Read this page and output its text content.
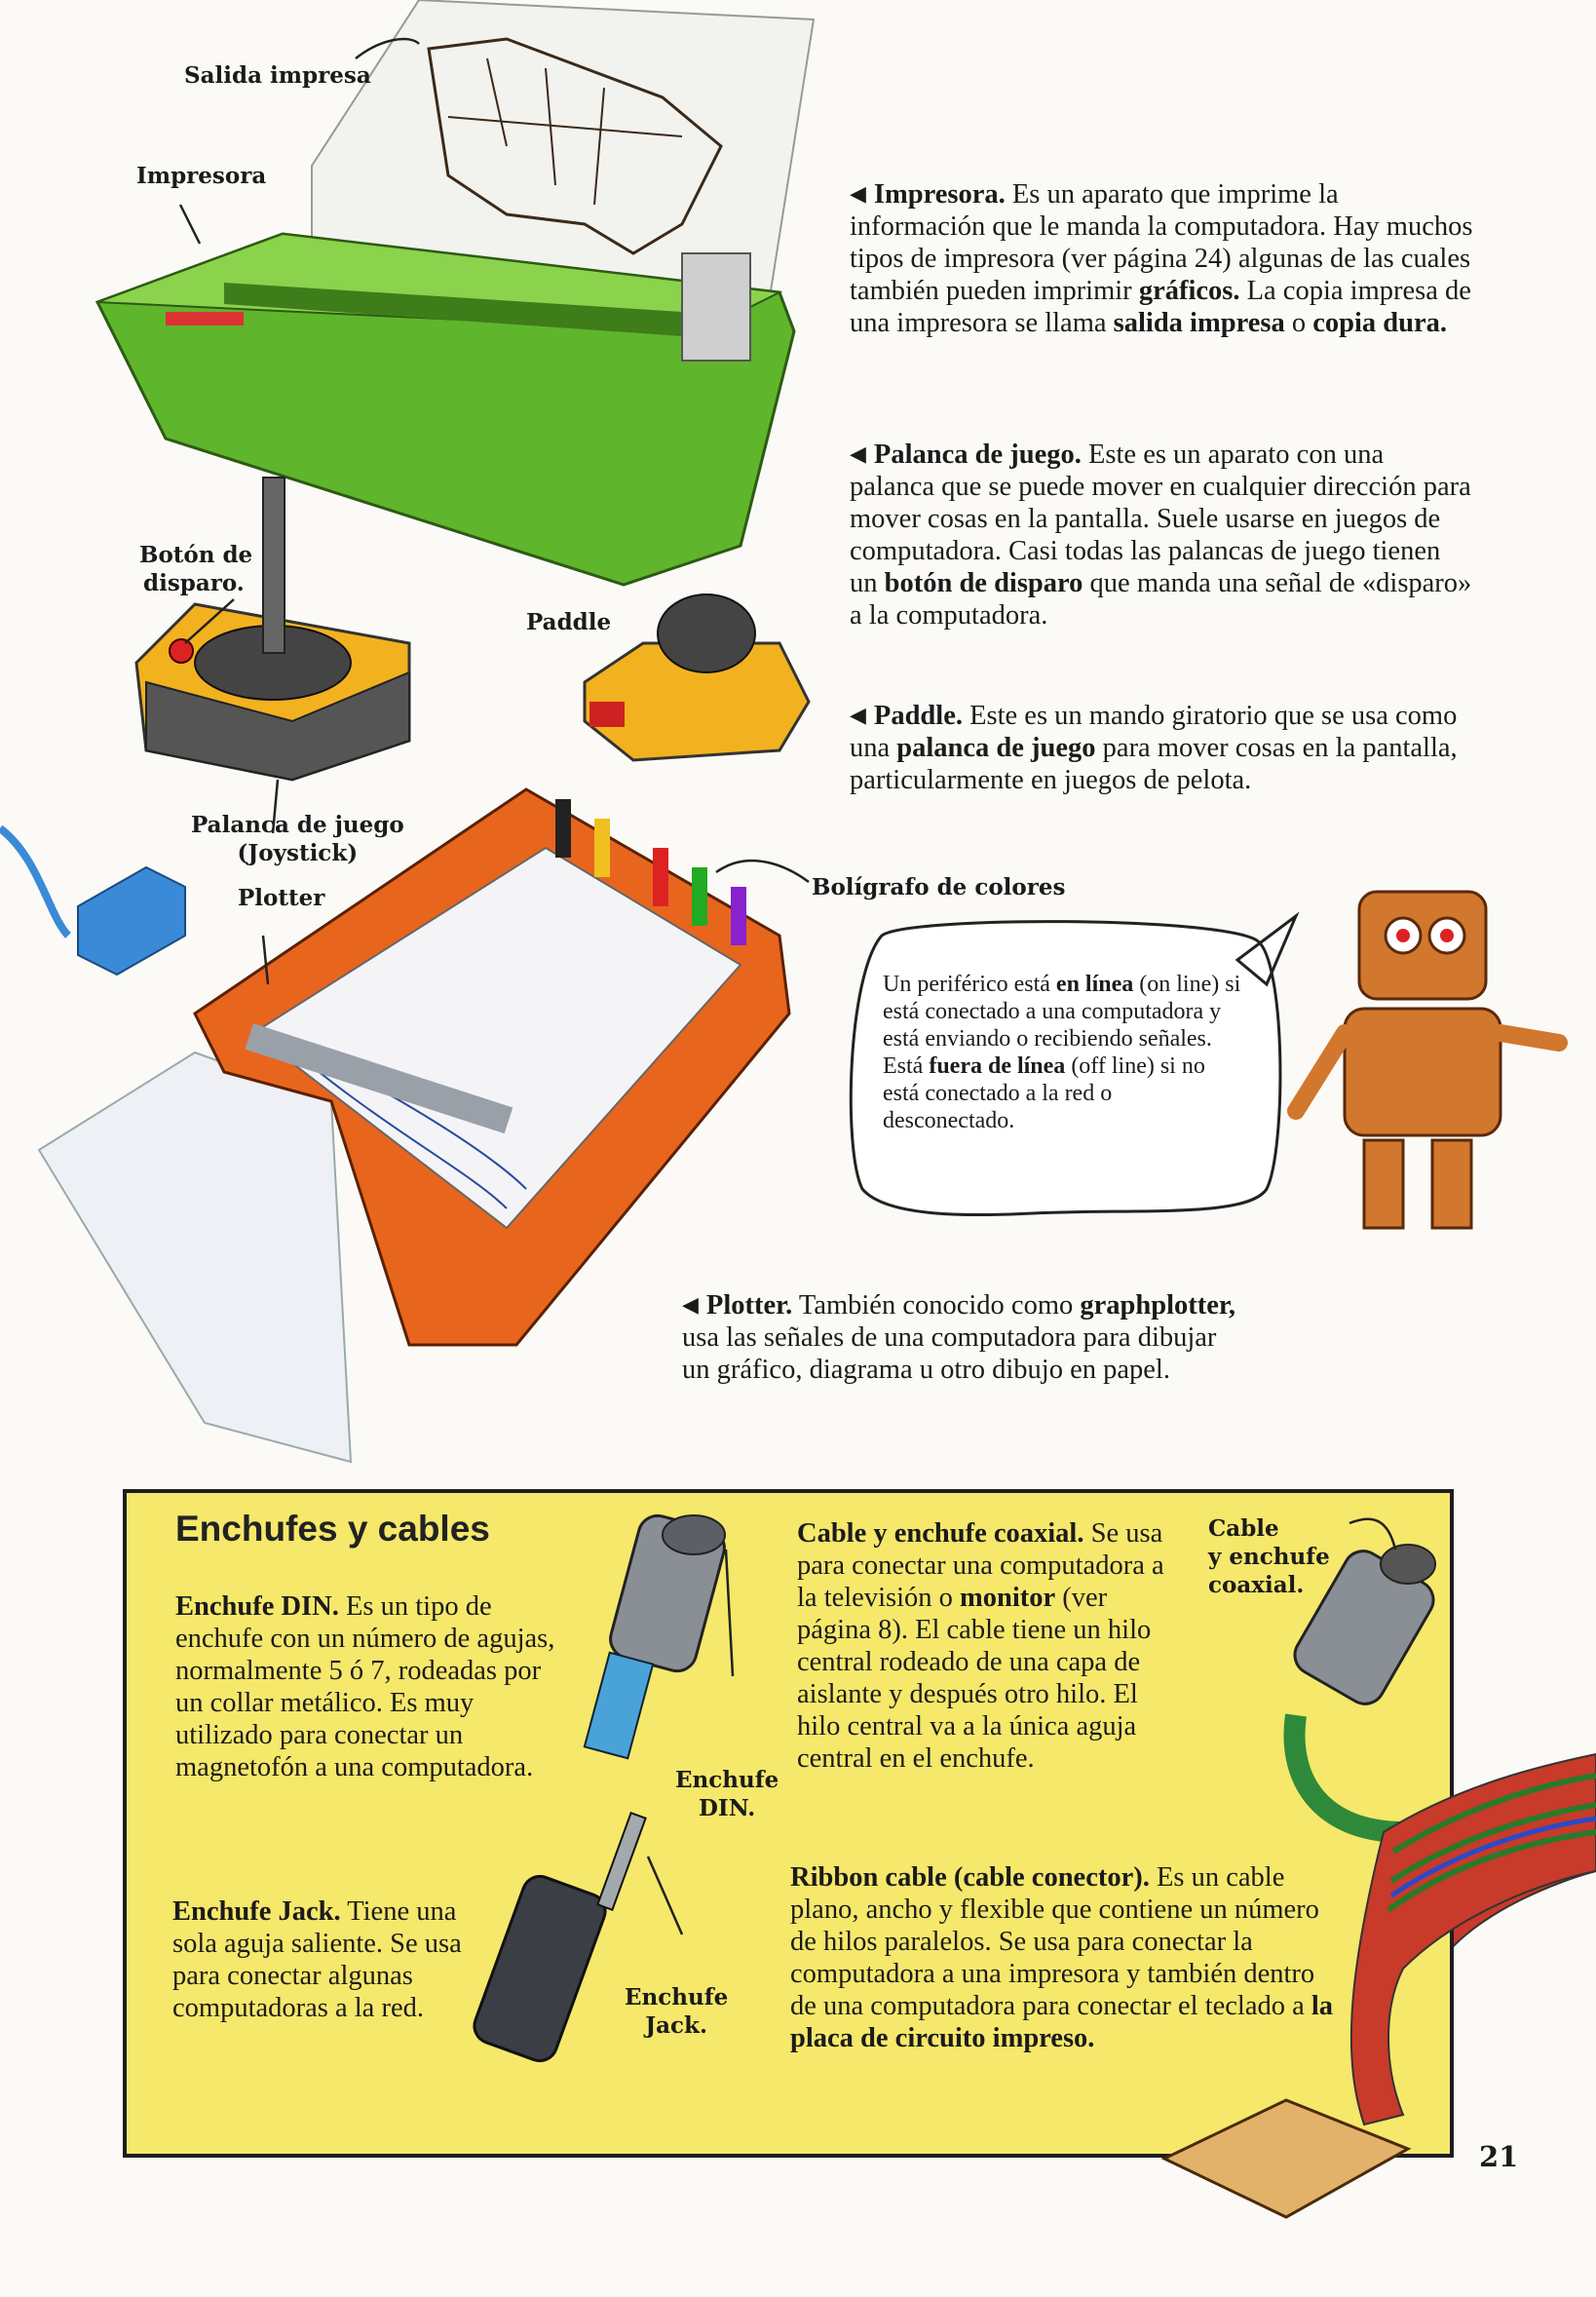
Salida impresa
Impresora
Botón de
disparo.
Paddle
Palanca de juego
(Joystick)
Plotter	Bolígrafo de colores

◀ Impresora. Es un aparato que imprime la información que le manda la computadora. Hay muchos tipos de impresora (ver página 24) algunas de las cuales también pueden imprimir gráficos. La copia impresa de una impresora se llama salida impresa o copia dura.

◀ Palanca de juego. Este es un aparato con una palanca que se puede mover en cualquier dirección para mover cosas en la pantalla. Suele usarse en juegos de computadora. Casi todas las palancas de juego tienen un botón de disparo que manda una señal de «disparo» a la computadora.

◀ Paddle. Este es un mando giratorio que se usa como una palanca de juego para mover cosas en la pantalla, particularmente en juegos de pelota.

◀ Plotter. También conocido como graphplotter, usa las señales de una computadora para dibujar un gráfico, diagrama u otro dibujo en papel.

Un periférico está en línea (on line) si está conectado a una computadora y está enviando o recibiendo señales. Está fuera de línea (off line) si no está conectado a la red o desconectado.

Enchufes y cables

Enchufe DIN. Es un tipo de enchufe con un número de agujas, normalmente 5 ó 7, rodeadas por un collar metálico. Es muy utilizado para conectar un magnetofón a una computadora.

Enchufe Jack. Tiene una sola aguja saliente. Se usa para conectar algunas computadoras a la red.

Cable y enchufe coaxial. Se usa para conectar una computadora a la televisión o monitor (ver página 8). El cable tiene un hilo central rodeado de una capa de aislante y después otro hilo. El hilo central va a la única aguja central en el enchufe.

Ribbon cable (cable conector). Es un cable plano, ancho y flexible que contiene un número de hilos paralelos. Se usa para conectar la computadora a una impresora y también dentro de una computadora para conectar el teclado a la placa de circuito impreso.

Enchufe
DIN.
Enchufe
Jack.
Cable
y enchufe
coaxial.
21
